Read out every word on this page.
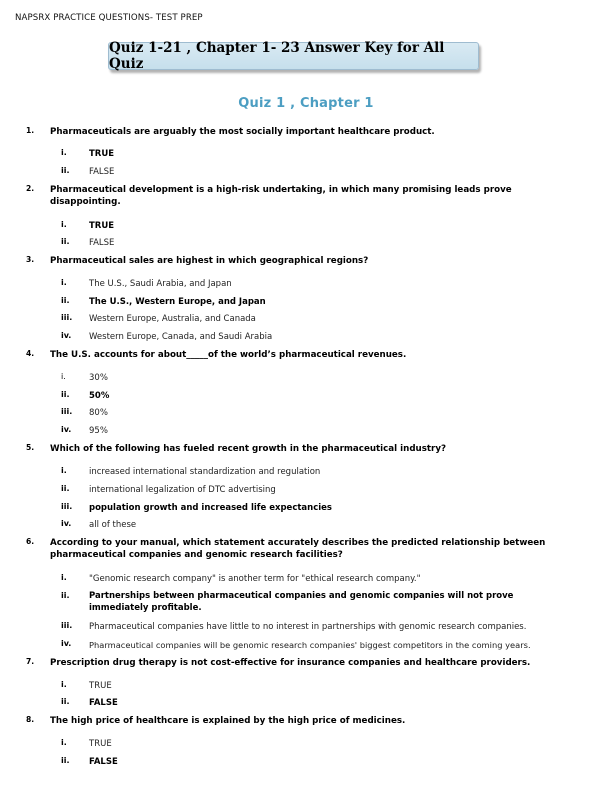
NAPSRX PRACTICE QUESTIONS- TEST PREP
Quiz 1-21 , Chapter 1- 23 Answer Key for All Quiz
Quiz 1 , Chapter 1
1. Pharmaceuticals are arguably the most socially important healthcare product.
i.	TRUE
ii. FALSE
2. Pharmaceutical development is a high-risk undertaking, in which many promising leads prove disappointing.
i.	TRUE
ii. FALSE
3. Pharmaceutical sales are highest in which geographical regions?
i.	The U.S., Saudi Arabia, and Japan
ii. The U.S., Western Europe, and Japan
iii. Western Europe, Australia, and Canada
iv. Western Europe, Canada, and Saudi Arabia
4. The U.S. accounts for about_____of the world’s pharmaceutical revenues.
i.	30%
ii. 50%
iii. 80%
iv. 95%
5. Which of the following has fueled recent growth in the pharmaceutical industry?
i.	increased international standardization and regulation
ii. international legalization of DTC advertising
iii. population growth and increased life expectancies
iv. all of these
6. According to your manual, which statement accurately describes the predicted relationship between pharmaceutical companies and genomic research facilities?
i.	"Genomic research company" is another term for "ethical research company."
ii. Partnerships between pharmaceutical companies and genomic companies will not prove immediately profitable.
iii. Pharmaceutical companies have little to no interest in partnerships with genomic research companies.
iv. Pharmaceutical companies will be genomic research companies' biggest competitors in the coming years.
7. Prescription drug therapy is not cost-effective for insurance companies and healthcare providers.
i.	TRUE
ii. FALSE
8. The high price of healthcare is explained by the high price of medicines.
i.	TRUE
ii. FALSE
